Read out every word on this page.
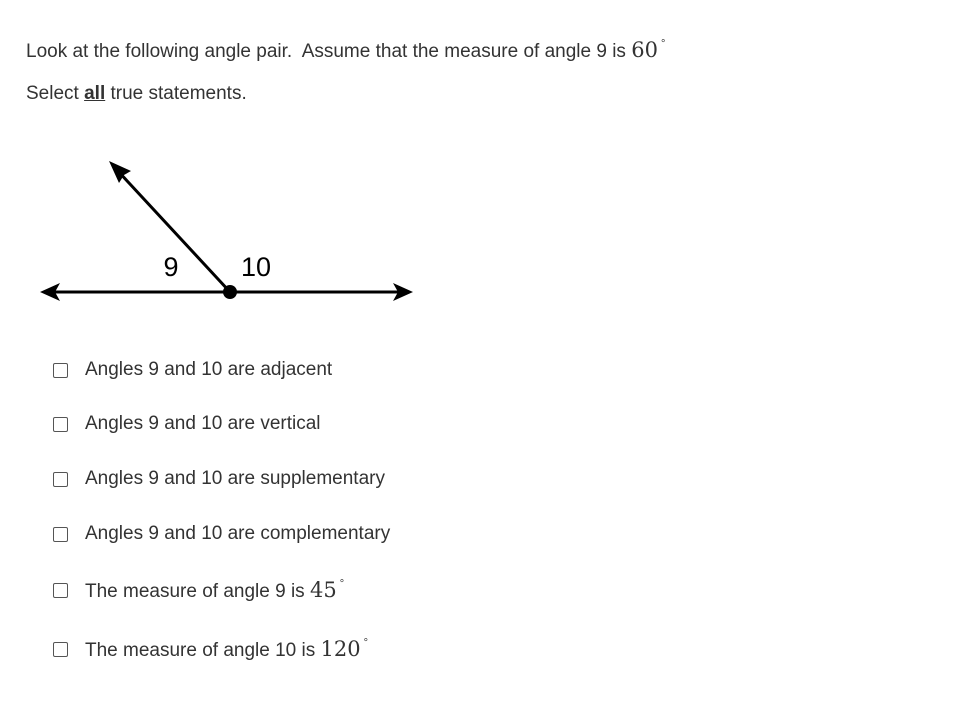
Look at the following angle pair.  Assume that the measure of angle 9 is 60 °
Select all true statements.
9 10
Angles 9 and 10 are adjacent
Angles 9 and 10 are vertical
Angles 9 and 10 are supplementary
Angles 9 and 10 are complementary
The measure of angle 9 is 45 °
The measure of angle 10 is 120 °
